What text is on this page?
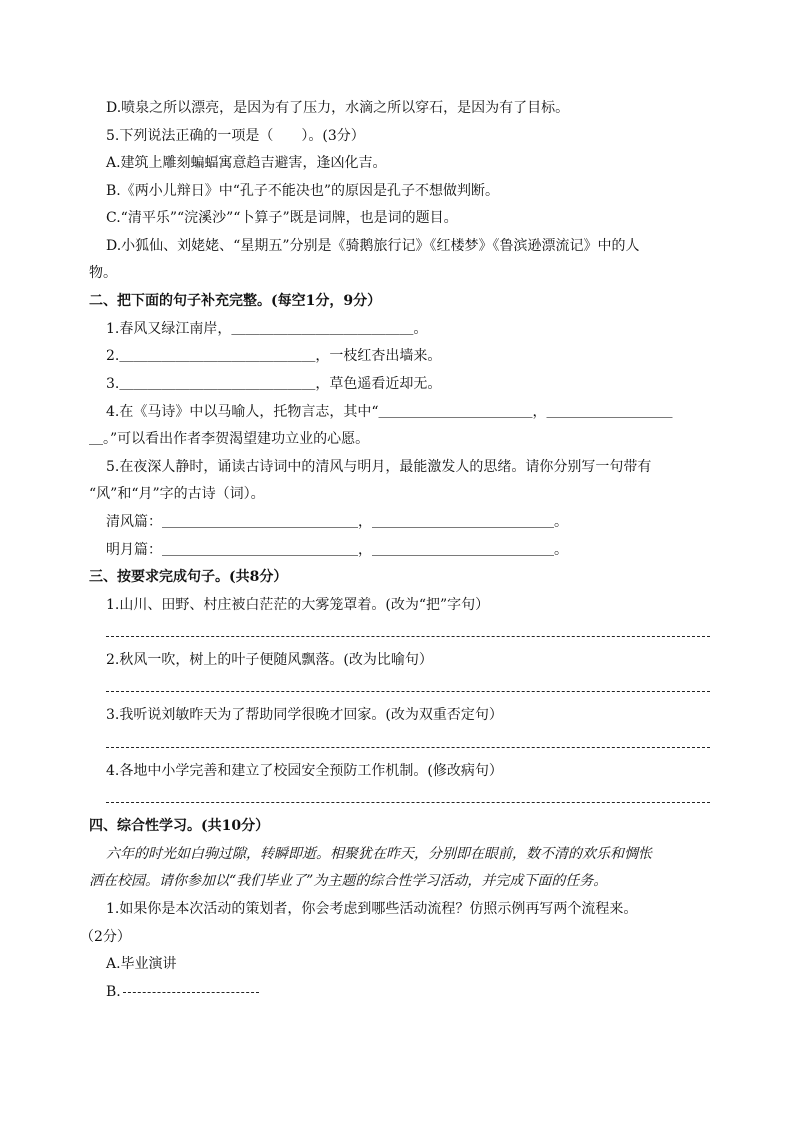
D.喷泉之所以漂亮，是因为有了压力，水滴之所以穿石，是因为有了目标。
5.下列说法正确的一项是（　　）。(3分）
A.建筑上雕刻蝙蝠寓意趋吉避害，逢凶化吉。
B.《两小儿辩日》中“孔子不能决也”的原因是孔子不想做判断。
C.“清平乐”“浣溪沙”“卜算子”既是词牌，也是词的题目。
D.小狐仙、刘姥姥、“星期五”分别是《骑鹅旅行记》《红楼梦》《鲁滨逊漂流记》中的人
物。
二、把下面的句子补充完整。(每空1分，9分）
1.春风又绿江南岸，＿＿＿＿＿＿＿＿＿＿＿＿＿。
2.＿＿＿＿＿＿＿＿＿＿＿＿＿＿，一枝红杏出墙来。
3.＿＿＿＿＿＿＿＿＿＿＿＿＿＿，草色遥看近却无。
4.在《马诗》中以马喻人，托物言志，其中“＿＿＿＿＿＿＿＿＿＿＿，＿＿＿＿＿＿＿＿＿
＿。”可以看出作者李贺渴望建功立业的心愿。
5.在夜深人静时，诵读古诗词中的清风与明月，最能激发人的思绪。请你分别写一句带有
“风”和“月”字的古诗（词）。
清风篇：＿＿＿＿＿＿＿＿＿＿＿＿＿＿，＿＿＿＿＿＿＿＿＿＿＿＿＿。
明月篇：＿＿＿＿＿＿＿＿＿＿＿＿＿＿，＿＿＿＿＿＿＿＿＿＿＿＿＿。
三、按要求完成句子。(共8分）
1.山川、田野、村庄被白茫茫的大雾笼罩着。(改为“把”字句）
2.秋风一吹，树上的叶子便随风飘落。(改为比喻句）
3.我听说刘敏昨天为了帮助同学很晚才回家。(改为双重否定句）
4.各地中小学完善和建立了校园安全预防工作机制。(修改病句）
四、综合性学习。(共10分）
六年的时光如白驹过隙，转瞬即逝。相聚犹在昨天，分别即在眼前，数不清的欢乐和惆怅
洒在校园。请你参加以“我们毕业了”为主题的综合性学习活动，并完成下面的任务。
1.如果你是本次活动的策划者，你会考虑到哪些活动流程？仿照示例再写两个流程来。
（2分）
A.毕业演讲
B.
